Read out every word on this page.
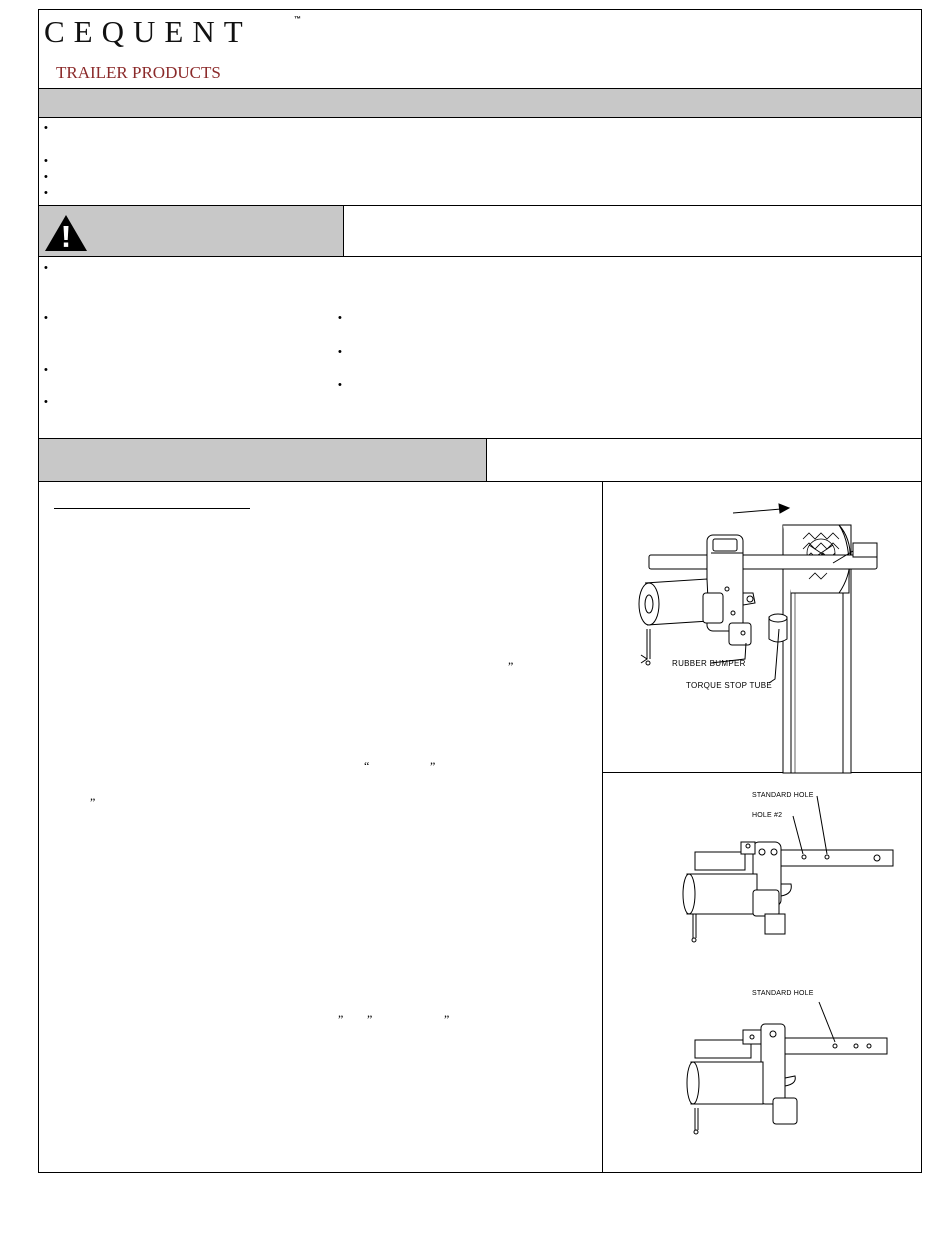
CEQUENT	™
TRAILER PRODUCTS
•
•
•
•
•
•
•
•
•
•
•
”
“	”
”
” ”	”
RUBBER BUMPER
TORQUE STOP TUBE
STANDARD HOLE
HOLE #2
STANDARD HOLE
